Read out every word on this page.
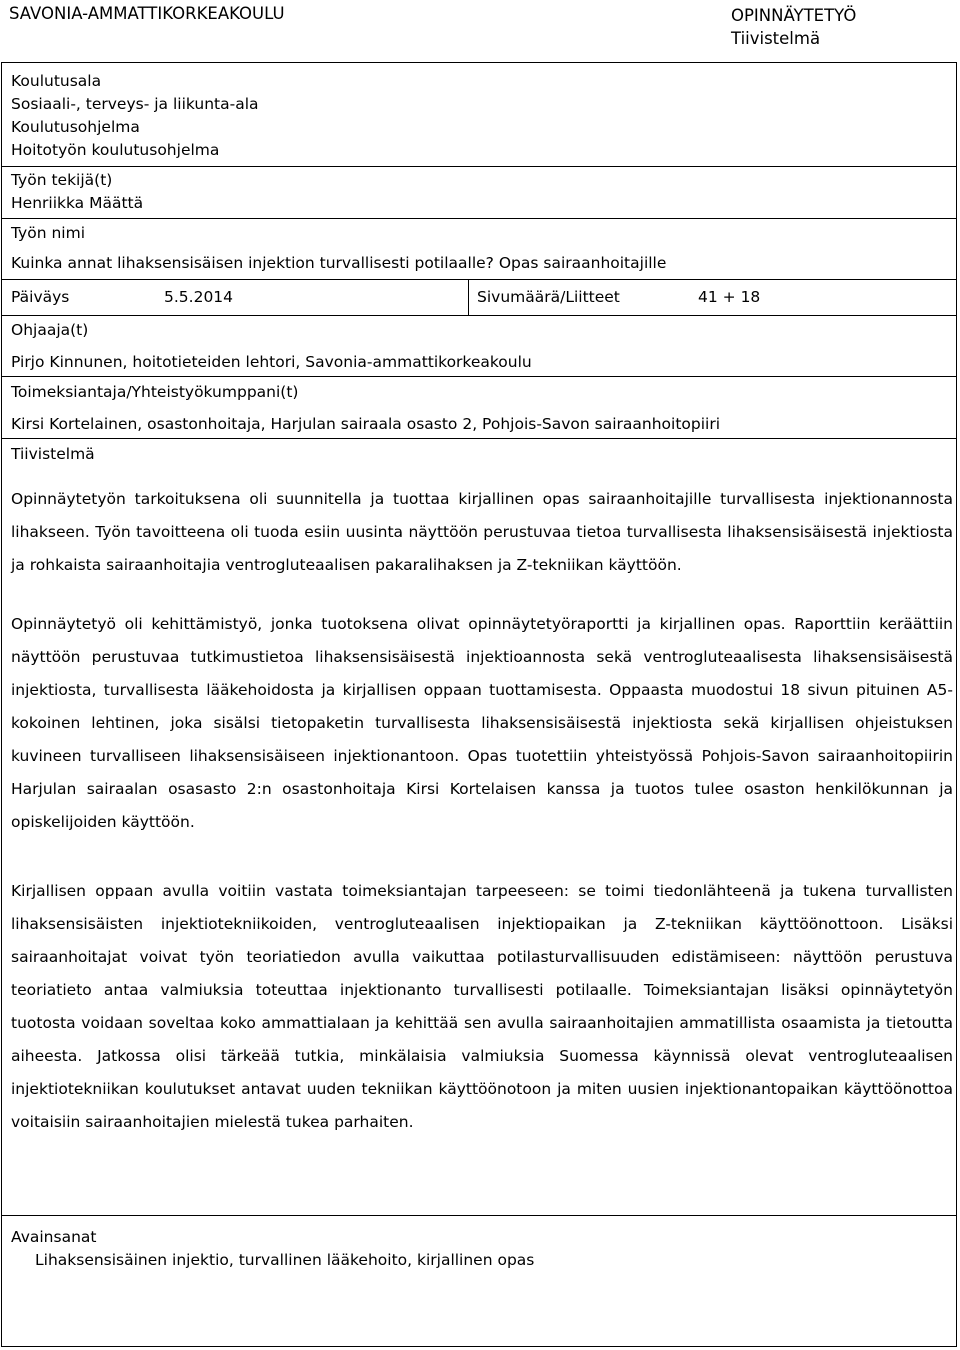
SAVONIA-AMMATTIKORKEAKOULU	OPINNÄYTETYÖ
Tiivistelmä
Koulutusala
Sosiaali-, terveys- ja liikunta-ala
Koulutusohjelma
Hoitotyön koulutusohjelma
Työn tekijä(t)
Henriikka Määttä
Työn nimi
Kuinka annat lihaksensisäisen injektion turvallisesti potilaalle? Opas sairaanhoitajille
Päiväys	5.5.2014	Sivumäärä/Liitteet	41 + 18
Ohjaaja(t)
Pirjo Kinnunen, hoitotieteiden lehtori, Savonia-ammattikorkeakoulu
Toimeksiantaja/Yhteistyökumppani(t)
Kirsi Kortelainen, osastonhoitaja, Harjulan sairaala osasto 2, Pohjois-Savon sairaanhoitopiiri
Tiivistelmä
Opinnäytetyön tarkoituksena oli suunnitella ja tuottaa kirjallinen opas sairaanhoitajille turvallisesta injektionannosta lihakseen. Työn tavoitteena oli tuoda esiin uusinta näyttöön perustuvaa tietoa turvallisesta lihaksensisäisestä injektiosta ja rohkaista sairaanhoitajia ventrogluteaalisen pakaralihaksen ja Z-tekniikan käyttöön.
Opinnäytetyö oli kehittämistyö, jonka tuotoksena olivat opinnäytetyöraportti ja kirjallinen opas. Raporttiin keräättiin näyttöön perustuvaa tutkimustietoa lihaksensisäisestä injektioannosta sekä ventrogluteaalisesta lihaksensisäisestä injektiosta, turvallisesta lääkehoidosta ja kirjallisen oppaan tuottamisesta. Oppaasta muodostui 18 sivun pituinen A5-kokoinen lehtinen, joka sisälsi tietopaketin turvallisesta lihaksensisäisestä injektiosta sekä kirjallisen ohjeistuksen kuvineen turvalliseen lihaksensisäiseen injektionantoon. Opas tuotettiin yhteistyössä Pohjois-Savon sairaanhoitopiirin Harjulan sairaalan osasasto 2:n osastonhoitaja Kirsi Kortelaisen kanssa ja tuotos tulee osaston henkilökunnan ja opiskelijoiden käyttöön.
Kirjallisen oppaan avulla voitiin vastata toimeksiantajan tarpeeseen: se toimi tiedonlähteenä ja tukena turvallisten lihaksensisäisten injektiotekniikoiden, ventrogluteaalisen injektiopaikan ja Z-tekniikan käyttöönottoon. Lisäksi sairaanhoitajat voivat työn teoriatiedon avulla vaikuttaa potilasturvallisuuden edistämiseen: näyttöön perustuva teoriatieto antaa valmiuksia toteuttaa injektionanto turvallisesti potilaalle. Toimeksiantajan lisäksi opinnäytetyön tuotosta voidaan soveltaa koko ammattialaan ja kehittää sen avulla sairaanhoitajien ammatillista osaamista ja tietoutta aiheesta. Jatkossa olisi tärkeää tutkia, minkälaisia valmiuksia Suomessa käynnissä olevat ventrogluteaalisen injektiotekniikan koulutukset antavat uuden tekniikan käyttöönotoon ja miten uusien injektionantopaikan käyttöönottoa voitaisiin sairaanhoitajien mielestä tukea parhaiten.
Avainsanat
Lihaksensisäinen injektio, turvallinen lääkehoito, kirjallinen opas
